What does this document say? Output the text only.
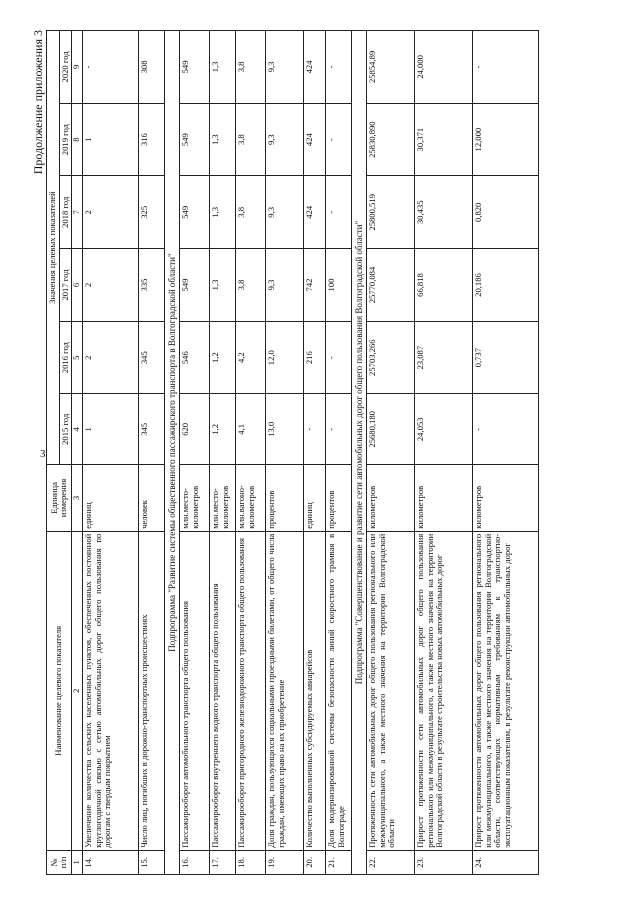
3
Продолжение приложения 3
№
п/п	Наименование целевого показателя	Единица
измерения	Значения целевых показателей					
			2015 год	2016 год	2017 год	2018 год	2019 год	2020 год
1	2	3	4	5	6	7	8	9
14.	Увеличение количества сельских населенных пунктов, обеспеченных постоянной круглогодичной связью с сетью автомобильных дорог общего пользования по дорогам с твердым покрытием	единиц	1	2	2	2	1	-
15.	Число лиц, погибших в дорожно-транспортных происшествиях	человек	345	345	335	325	316	308
Подпрограмма "Развитие системы общественного пассажирского транспорта в Волгоградской области"								
16.	Пассажирооборот автомобильного транспорта общего пользования	млн.место-километров	620	546	549	549	549	549
17.	Пассажирооборот внутреннего водного транспорта общего пользования	млн.место-километров	1,2	1,2	1,3	1,3	1,3	1,3
18.	Пассажирооборот пригородного железнодорожного транспорта общего пользования	млн.вагоно-километров	4,1	4,2	3,8	3,8	3,8	3,8
19.	Доля граждан, пользующихся социальными проездными билетами, от общего числа граждан, имеющих право на их приобретение	процентов	13,0	12,0	9,3	9,3	9,3	9,3
20.	Количество выполненных субсидируемых авиарейсов	единиц	-	216	742	424	424	424
21.	Доля модернизированной системы безопасности линий скоростного трамвая в Волгограде	процентов	-	-	100	-	-	-
Подпрограмма "Совершенствование и развитие сети автомобильных дорог общего пользования Волгоградской области"								
22.	Протяженность сети автомобильных дорог общего пользования регионального или межмуниципального, а также местного значения на территории Волгоградской области	километров	25680,180	25703,266	25770,084	25800,519	25830,890	25854,89
23.	Прирост протяженности сети автомобильных дорог общего пользования регионального или межмуниципального, а также местного значения на территории Волгоградской области в результате строительства новых автомобильных дорог	километров	24,053	23,087	66,818	30,435	30,371	24,000
24.	Прирост протяженности автомобильных дорог общего пользования регионального или межмуниципального, а также местного значения на территории Волгоградской области, соответствующих нормативным требованиям к транспортно-эксплуатационным показателям, в результате реконструкции автомобильных дорог	километров	-	0,737	20,186	0,820	12,000	-
